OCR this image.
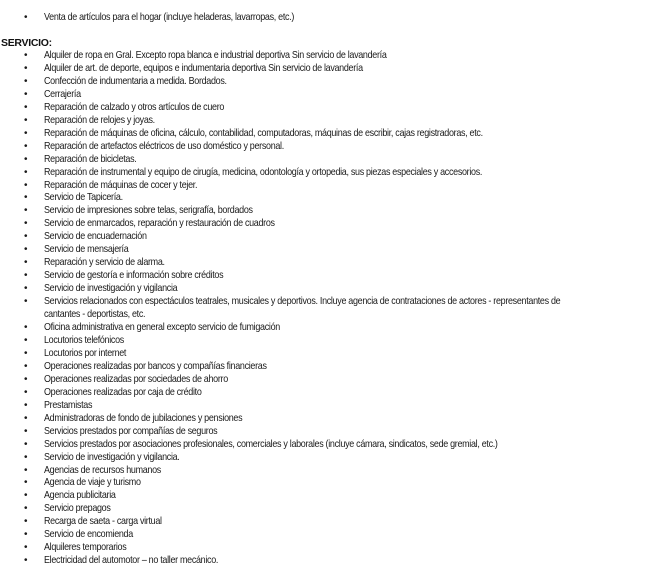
• Venta de artículos para el hogar (incluye heladeras, lavarropas, etc.)
SERVICIO:
• Alquiler de ropa en Gral. Excepto ropa blanca e industrial deportiva Sin servicio de lavandería
• Alquiler de art. de deporte, equipos e indumentaria deportiva Sin servicio de lavandería
• Confección de indumentaria a medida. Bordados.
• Cerrajería
• Reparación de calzado y otros artículos de cuero
• Reparación de relojes y joyas.
• Reparación de máquinas de oficina, cálculo, contabilidad, computadoras, máquinas de escribir, cajas registradoras, etc.
• Reparación de artefactos eléctricos de uso doméstico y personal.
• Reparación de bicicletas.
• Reparación de instrumental y equipo de cirugía, medicina, odontología y ortopedia, sus piezas especiales y accesorios.
• Reparación de máquinas de cocer y tejer.
• Servicio de Tapicería.
• Servicio de impresiones sobre telas, serigrafía, bordados
• Servicio de enmarcados, reparación y restauración de cuadros
• Servicio de encuadernación
• Servicio de mensajería
• Reparación y servicio de alarma.
• Servicio de gestoría e información sobre créditos
• Servicio de investigación y vigilancia
• Servicios relacionados con espectáculos teatrales, musicales y deportivos. Incluye agencia de contrataciones de actores - representantes de
cantantes - deportistas, etc.
• Oficina administrativa en general excepto servicio de fumigación
• Locutorios telefónicos
• Locutorios por internet
• Operaciones realizadas por bancos y compañías financieras
• Operaciones realizadas por sociedades de ahorro
• Operaciones realizadas por caja de crédito
• Prestamistas
• Administradoras de fondo de jubilaciones y pensiones
• Servicios prestados por compañías de seguros
• Servicios prestados por asociaciones profesionales, comerciales y laborales (incluye cámara, sindicatos, sede gremial, etc.)
• Servicio de investigación y vigilancia.
• Agencias de recursos humanos
• Agencia de viaje y turismo
• Agencia publicitaria
• Servicio prepagos
• Recarga de saeta - carga virtual
• Servicio de encomienda
• Alquileres temporarios
• Electricidad del automotor – no taller mecánico.
